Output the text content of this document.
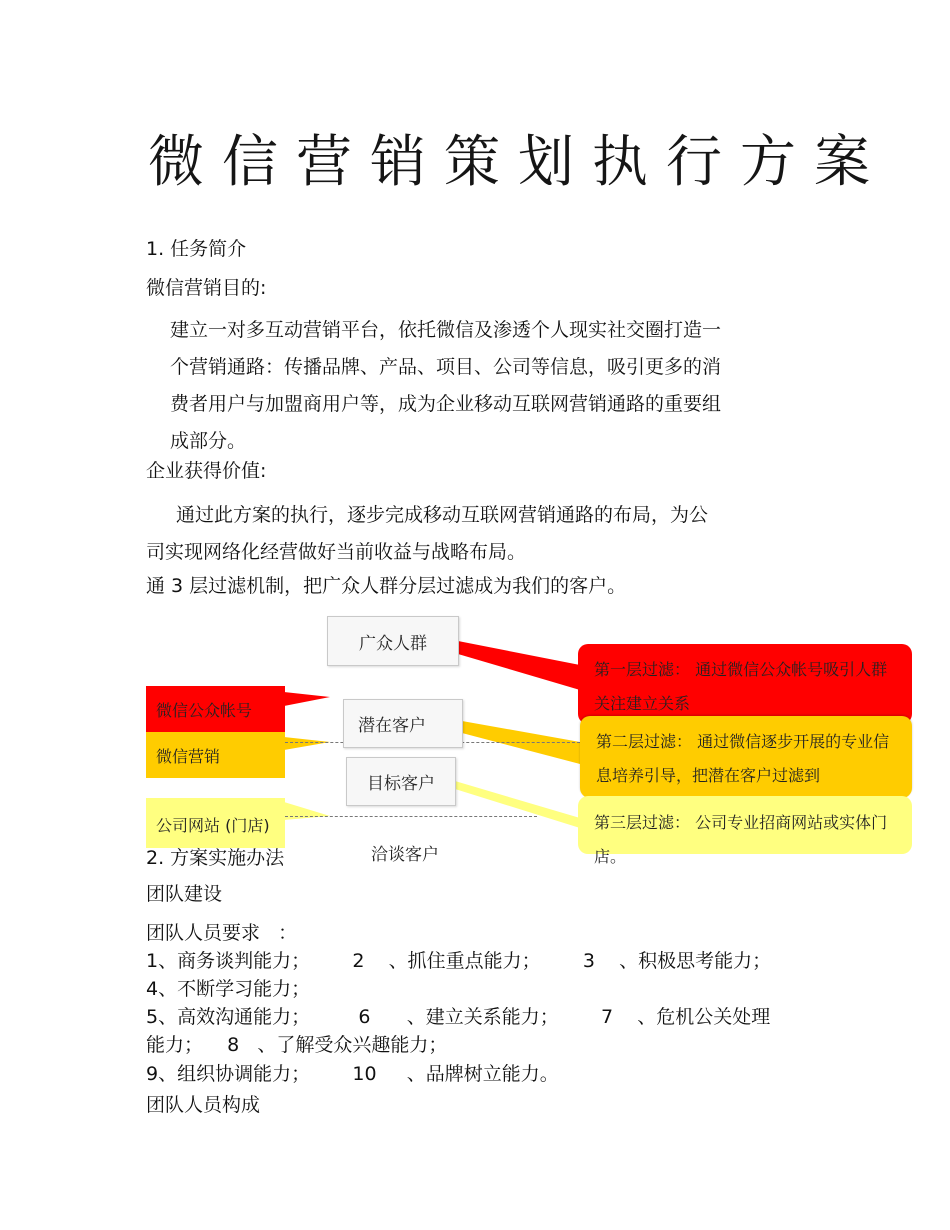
微信营销策划执行方案
1. 任务简介
微信营销目的:
建立一对多互动营销平台，依托微信及渗透个人现实社交圈打造一
个营销通路：传播品牌、产品、项目、公司等信息，吸引更多的消
费者用户与加盟商用户等，成为企业移动互联网营销通路的重要组
成部分。
企业获得价值:
通过此方案的执行，逐步完成移动互联网营销通路的布局，为公
司实现网络化经营做好当前收益与战略布局。
通 3 层过滤机制，把广众人群分层过滤成为我们的客户。
广众人群
潜在客户
目标客户
洽谈客户
微信公众帐号
微信营销
公司网站 (门店)
第一层过滤： 通过微信公众帐号吸引人群关注建立关系
第二层过滤： 通过微信逐步开展的专业信息培养引导，把潜在客户过滤到
第三层过滤： 公司专业招商网站或实体门店。
2. 方案实施办法
团队建设
团队人员要求   ：
1、商务谈判能力；       2    、抓住重点能力；       3    、积极思考能力；
4、不断学习能力；
5、高效沟通能力；        6      、建立关系能力；       7    、危机公关处理
能力；    8   、了解受众兴趣能力；
9、组织协调能力；       10     、品牌树立能力。
团队人员构成
